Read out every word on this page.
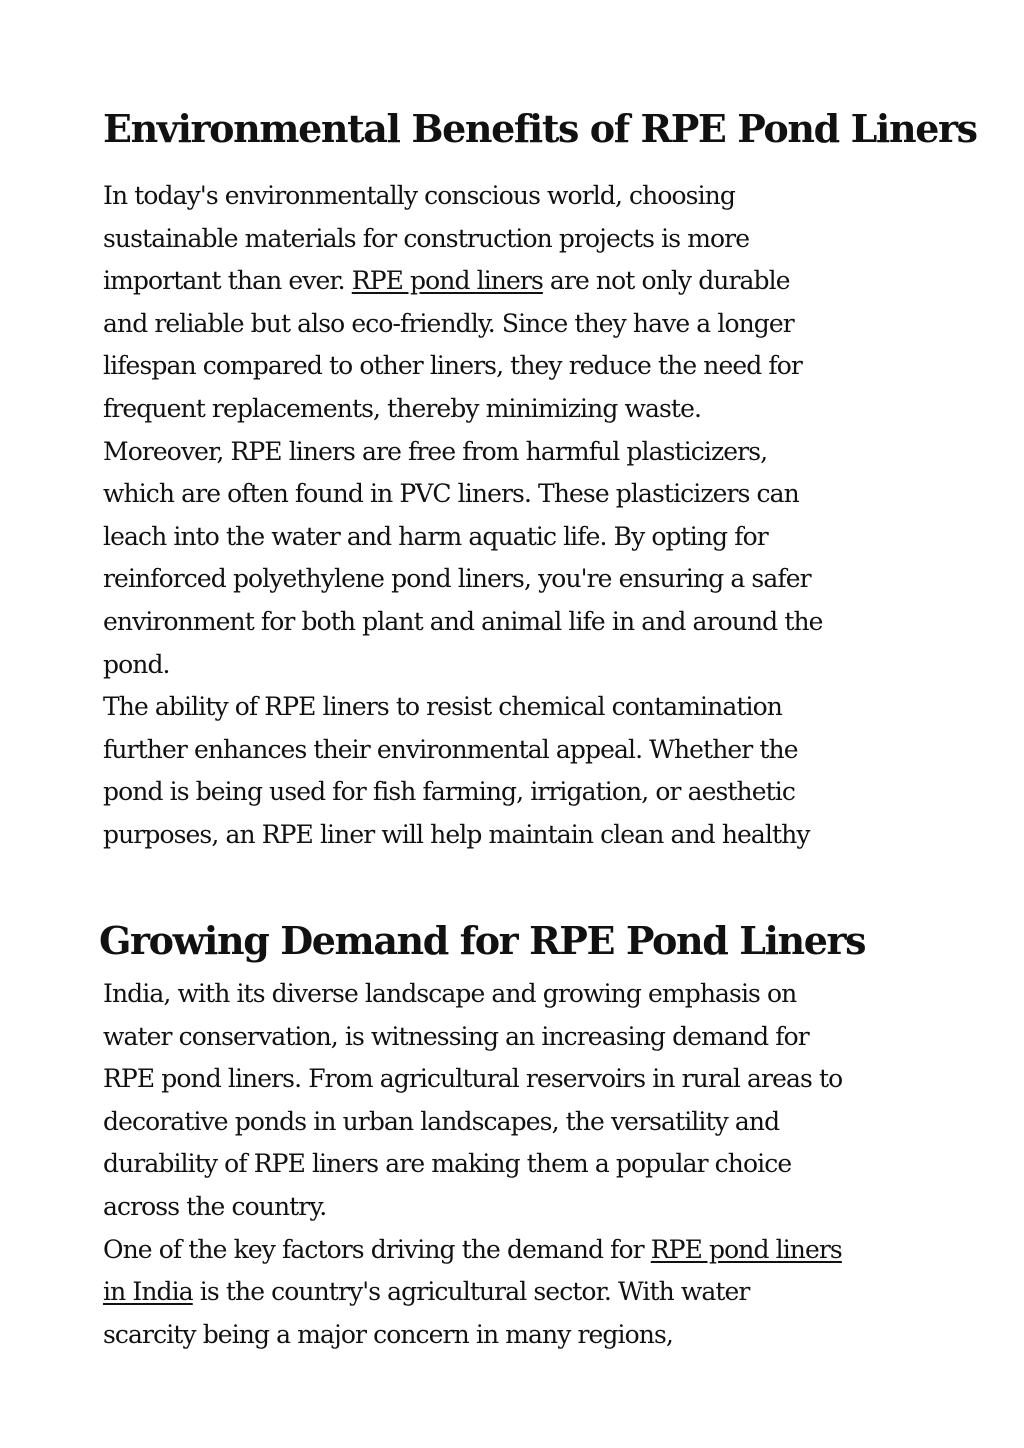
Environmental Benefits of RPE Pond Liners
In today's environmentally conscious world, choosing
sustainable materials for construction projects is more
important than ever. RPE pond liners are not only durable
and reliable but also eco-friendly. Since they have a longer
lifespan compared to other liners, they reduce the need for
frequent replacements, thereby minimizing waste.
Moreover, RPE liners are free from harmful plasticizers,
which are often found in PVC liners. These plasticizers can
leach into the water and harm aquatic life. By opting for
reinforced polyethylene pond liners, you're ensuring a safer
environment for both plant and animal life in and around the
pond.
The ability of RPE liners to resist chemical contamination
further enhances their environmental appeal. Whether the
pond is being used for fish farming, irrigation, or aesthetic
purposes, an RPE liner will help maintain clean and healthy
Growing Demand for RPE Pond Liners
India, with its diverse landscape and growing emphasis on
water conservation, is witnessing an increasing demand for
RPE pond liners. From agricultural reservoirs in rural areas to
decorative ponds in urban landscapes, the versatility and
durability of RPE liners are making them a popular choice
across the country.
One of the key factors driving the demand for RPE pond liners
in India is the country's agricultural sector. With water
scarcity being a major concern in many regions,
